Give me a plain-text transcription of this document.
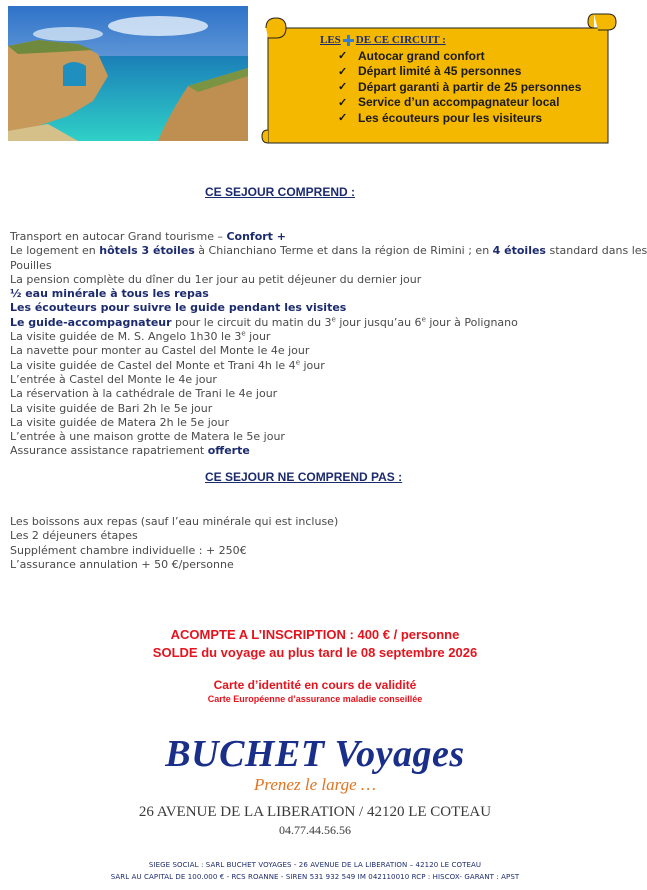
LES DE CE CIRCUIT :
✓ Autocar grand confort
✓ Départ limité à 45 personnes
✓ Départ garanti à partir de 25 personnes
✓ Service d’un accompagnateur local
✓ Les écouteurs pour les visiteurs
CE SEJOUR COMPREND :
Transport en autocar Grand tourisme – Confort +
Le logement en hôtels 3 étoiles à Chianchiano Terme et dans la région de Rimini ; en 4 étoiles standard dans les
Pouilles
La pension complète du dîner du 1er jour au petit déjeuner du dernier jour
½ eau minérale à tous les repas
Les écouteurs pour suivre le guide pendant les visites
Le guide-accompagnateur pour le circuit du matin du 3e jour jusqu’au 6e jour à Polignano
La visite guidée de M. S. Angelo 1h30 le 3e jour
La navette pour monter au Castel del Monte le 4e jour
La visite guidée de Castel del Monte et Trani 4h le 4e jour
L’entrée à Castel del Monte le 4e jour
La réservation à la cathédrale de Trani le 4e jour
La visite guidée de Bari 2h le 5e jour
La visite guidée de Matera 2h le 5e jour
L’entrée à une maison grotte de Matera le 5e jour
Assurance assistance rapatriement offerte
CE SEJOUR NE COMPREND PAS :
Les boissons aux repas (sauf l’eau minérale qui est incluse)
Les 2 déjeuners étapes
Supplément chambre individuelle : + 250€
L’assurance annulation + 50 €/personne
ACOMPTE A L’INSCRIPTION : 400 € / personne
SOLDE du voyage au plus tard le 08 septembre 2026
Carte d’identité en cours de validité
Carte Européenne d’assurance maladie conseillée
BUCHET Voyages
Prenez le large …
26 AVENUE DE LA LIBERATION / 42120 LE COTEAU
04.77.44.56.56
SIEGE SOCIAL : SARL BUCHET VOYAGES - 26 AVENUE DE LA LIBERATION – 42120 LE COTEAU
SARL AU CAPITAL DE 100.000 € - RCS ROANNE - SIREN 531 932 549 IM 042110010 RCP : HISCOX- GARANT : APST
